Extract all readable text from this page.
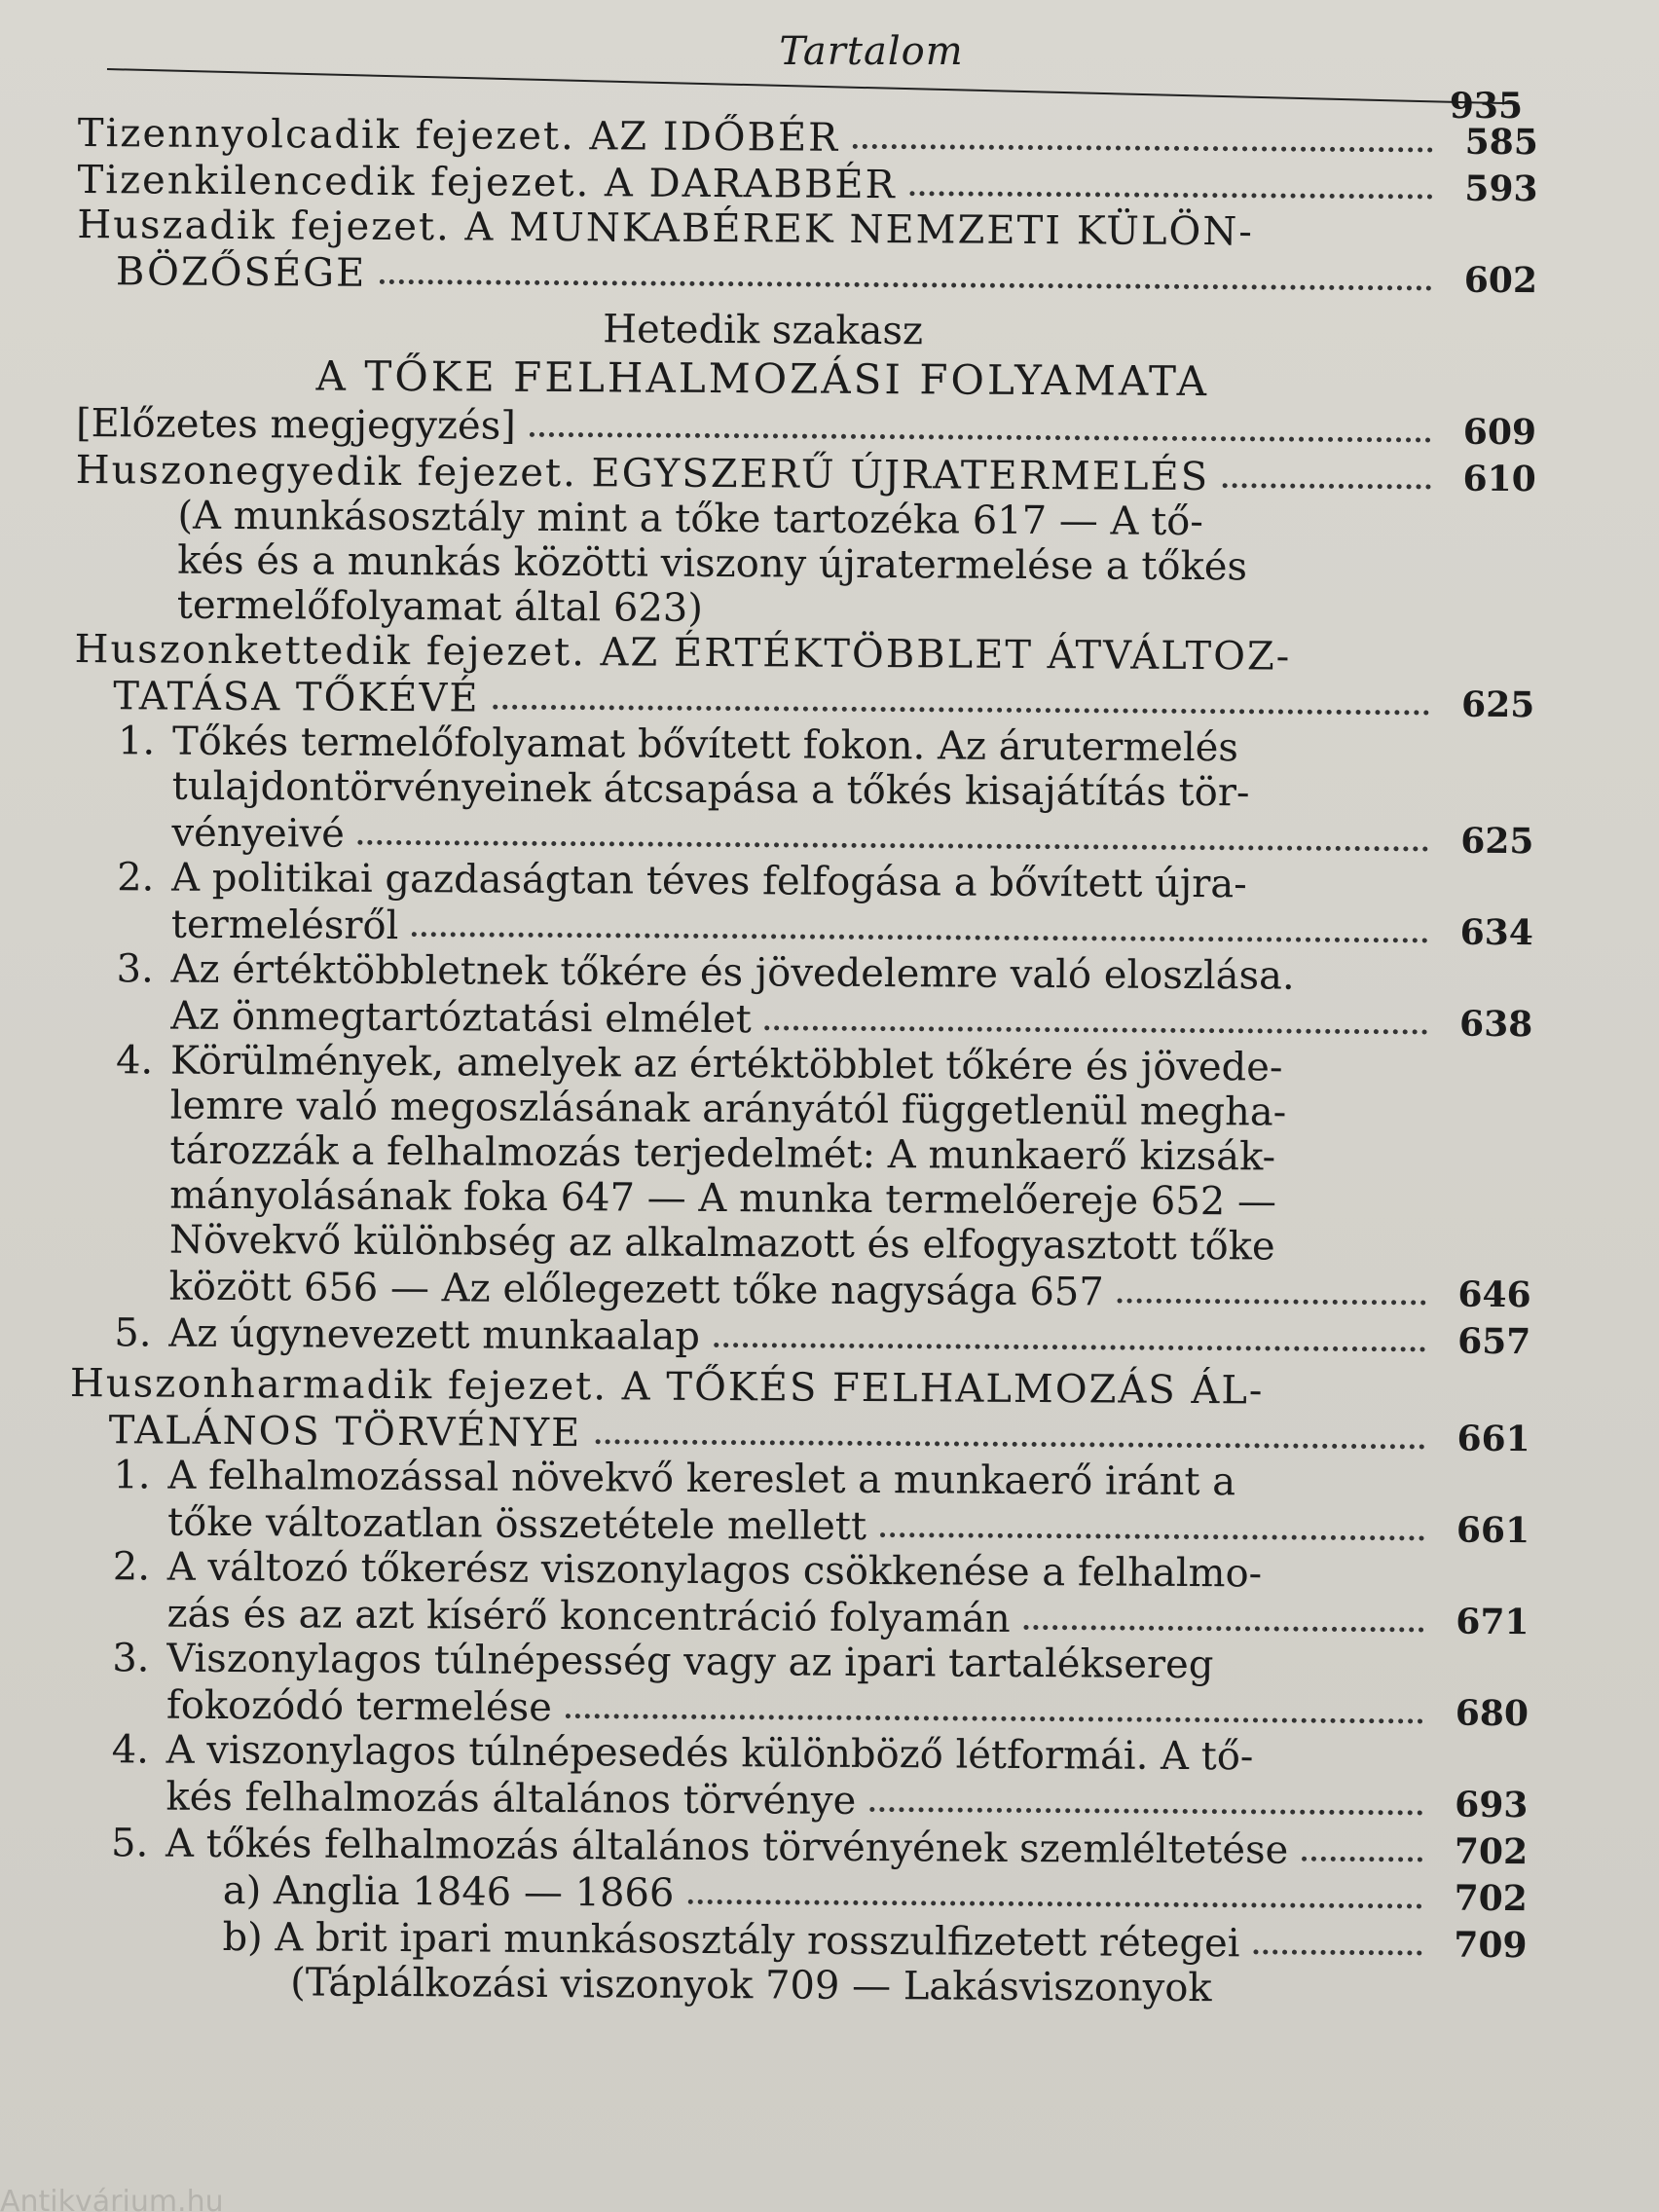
Tartalom
935
Tizennyolcadik fejezet. AZ IDŐBÉR	585
Tizenkilencedik fejezet. A DARABBÉR	593
Huszadik fejezet. A MUNKABÉREK NEMZETI KÜLÖN-
BÖZŐSÉGE	602
Hetedik szakasz
A TŐKE FELHALMOZÁSI FOLYAMATA
[Előzetes megjegyzés]	609
Huszonegyedik fejezet. EGYSZERŰ ÚJRATERMELÉS	610
(A munkásosztály mint a tőke tartozéka 617 — A tő-
kés és a munkás közötti viszony újratermelése a tőkés
termelőfolyamat által 623)
Huszonkettedik fejezet. AZ ÉRTÉKTÖBBLET ÁTVÁLTOZ-
TATÁSA TŐKÉVÉ	625
1. Tőkés termelőfolyamat bővített fokon. Az árutermelés
tulajdontörvényeinek átcsapása a tőkés kisajátítás tör-
vényeivé	625
2. A politikai gazdaságtan téves felfogása a bővített újra-
termelésről	634
3. Az értéktöbbletnek tőkére és jövedelemre való eloszlása.
Az önmegtartóztatási elmélet	638
4. Körülmények, amelyek az értéktöbblet tőkére és jövede-
lemre való megoszlásának arányától függetlenül megha-
tározzák a felhalmozás terjedelmét: A munkaerő kizsák-
mányolásának foka 647 — A munka termelőereje 652 —
Növekvő különbség az alkalmazott és elfogyasztott tőke
között 656 — Az előlegezett tőke nagysága 657	646
5. Az úgynevezett munkaalap	657
Huszonharmadik fejezet. A TŐKÉS FELHALMOZÁS ÁL-
TALÁNOS TÖRVÉNYE	661
1. A felhalmozással növekvő kereslet a munkaerő iránt a
tőke változatlan összetétele mellett	661
2. A változó tőkerész viszonylagos csökkenése a felhalmo-
zás és az azt kísérő koncentráció folyamán	671
3. Viszonylagos túlnépesség vagy az ipari tartaléksereg
fokozódó termelése	680
4. A viszonylagos túlnépesedés különböző létformái. A tő-
kés felhalmozás általános törvénye	693
5. A tőkés felhalmozás általános törvényének szemléltetése	702
a) Anglia 1846 — 1866	702
b) A brit ipari munkásosztály rosszulfizetett rétegei	709
(Táplálkozási viszonyok 709 — Lakásviszonyok
Antikvárium.hu
